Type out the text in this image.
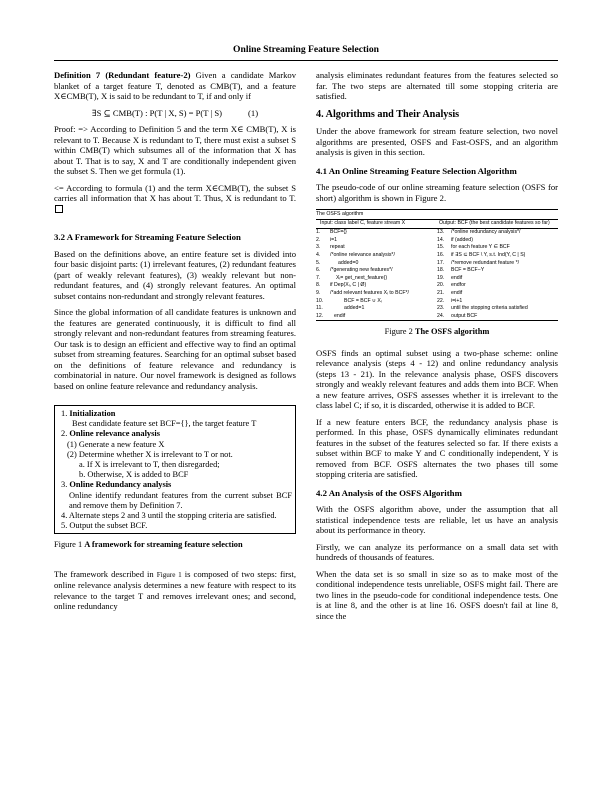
Online Streaming Feature Selection

Definition 7 (Redundant feature-2) Given a candidate Markov blanket of a target feature T, denoted as CMB(T), and a feature X∈CMB(T), X is said to be redundant to T, if and only if

∃S ⊆ CMB(T) : P(T | X, S) = P(T | S)	(1)

Proof: => According to Definition 5 and the term X∈ CMB(T), X is relevant to T. Because X is redundant to T, there must exist a subset S within CMB(T) which subsumes all of the information that X has about T. That is to say, X and T are conditionally independent given the subset S. Then we get formula (1).

<= According to formula (1) and the term X∈CMB(T), the subset S carries all information that X has about T. Thus, X is redundant to T.

3.2 A Framework for Streaming Feature Selection

Based on the definitions above, an entire feature set is divided into four basic disjoint parts: (1) irrelevant features, (2) redundant features (part of weakly relevant features), (3) weakly relevant but non-redundant features, and (4) strongly relevant features. An optimal subset contains non-redundant and strongly relevant features.

Since the global information of all candidate features is unknown and the features are generated continuously, it is difficult to find all strongly relevant and non-redundant features from streaming features. Our task is to design an efficient and effective way to find an optimal subset from streaming features. Searching for an optimal subset based on the definitions of feature relevance and redundancy is combinatorial in nature. Our novel framework is designed as follows based on online feature relevance and redundancy analysis.

1. Initialization
Best candidate feature set BCF={}, the target feature T
2. Online relevance analysis
(1) Generate a new feature X
(2) Determine whether X is irrelevant to T or not.
a. If X is irrelevant to T, then disregarded;
b. Otherwise, X is added to BCF
3. Online Redundancy analysis
Online identify redundant features from the current subset BCF and remove them by Definition 7.
4. Alternate steps 2 and 3 until the stopping criteria are satisfied.
5. Output the subset BCF.
Figure 1 A framework for streaming feature selection

The framework described in Figure 1 is composed of two steps: first, online relevance analysis determines a new feature with respect to its relevance to the target T and removes irrelevant ones; and second, online redundancy

analysis eliminates redundant features from the features selected so far. The two steps are alternated till some stopping criteria are satisfied.

4. Algorithms and Their Analysis

Under the above framework for stream feature selection, two novel algorithms are presented, OSFS and Fast-OSFS, and an algorithm analysis is given in this section.

4.1 An Online Streaming Feature Selection Algorithm

The pseudo-code of our online streaming feature selection (OSFS for short) algorithm is shown in Figure 2.

The OSFS algorithm
Input: class label C, feature stream X	Output: BCF (the best candidate features so far)
1.	BCF={}
2.	i=1
3.	repeat
4.	/*online relevance analysis*/
5.	added=0
6.	/*generating new features*/
7.	Xᵢ= get_next_feature()
8.	if Dep(Xᵢ, C | Ø)
9.	/*add relevant features Xᵢ to BCF*/
10.	BCF = BCF ∪ Xᵢ
11.	added=1
12.	endif
13.	/*online redundancy analysis*/
14.	if (added)
15.	for each feature Y ∈ BCF
16.	if ∃S ⊆ BCF \ Y, s.t. Ind(Y, C | S)
17.	/*remove redundant feature */
18.	BCF = BCF−Y
19.	endif
20.	endfor
21.	endif
22.	i=i+1
23.	until the stopping criteria satisfied
24.	output BCF
Figure 2 The OSFS algorithm

OSFS finds an optimal subset using a two-phase scheme: online relevance analysis (steps 4 - 12) and online redundancy analysis (steps 13 - 21). In the relevance analysis phase, OSFS discovers strongly and weakly relevant features and adds them into BCF. When a new feature arrives, OSFS assesses whether it is irrelevant to the class label C; if so, it is discarded, otherwise it is added to BCF.

If a new feature enters BCF, the redundancy analysis phase is performed. In this phase, OSFS dynamically eliminates redundant features in the subset of the features selected so far. If there exists a subset within BCF to make Y and C conditionally independent, Y is removed from BCF. OSFS alternates the two phases till some stopping criteria are satisfied.

4.2 An Analysis of the OSFS Algorithm

With the OSFS algorithm above, under the assumption that all statistical independence tests are reliable, let us have an analysis about its performance in theory.

Firstly, we can analyze its performance on a small data set with hundreds of thousands of features.

When the data set is so small in size so as to make most of the conditional independence tests unreliable, OSFS might fail. There are two lines in the pseudo-code for conditional independence tests. One is at line 8, and the other is at line 16. OSFS doesn't fail at line 8, since the
